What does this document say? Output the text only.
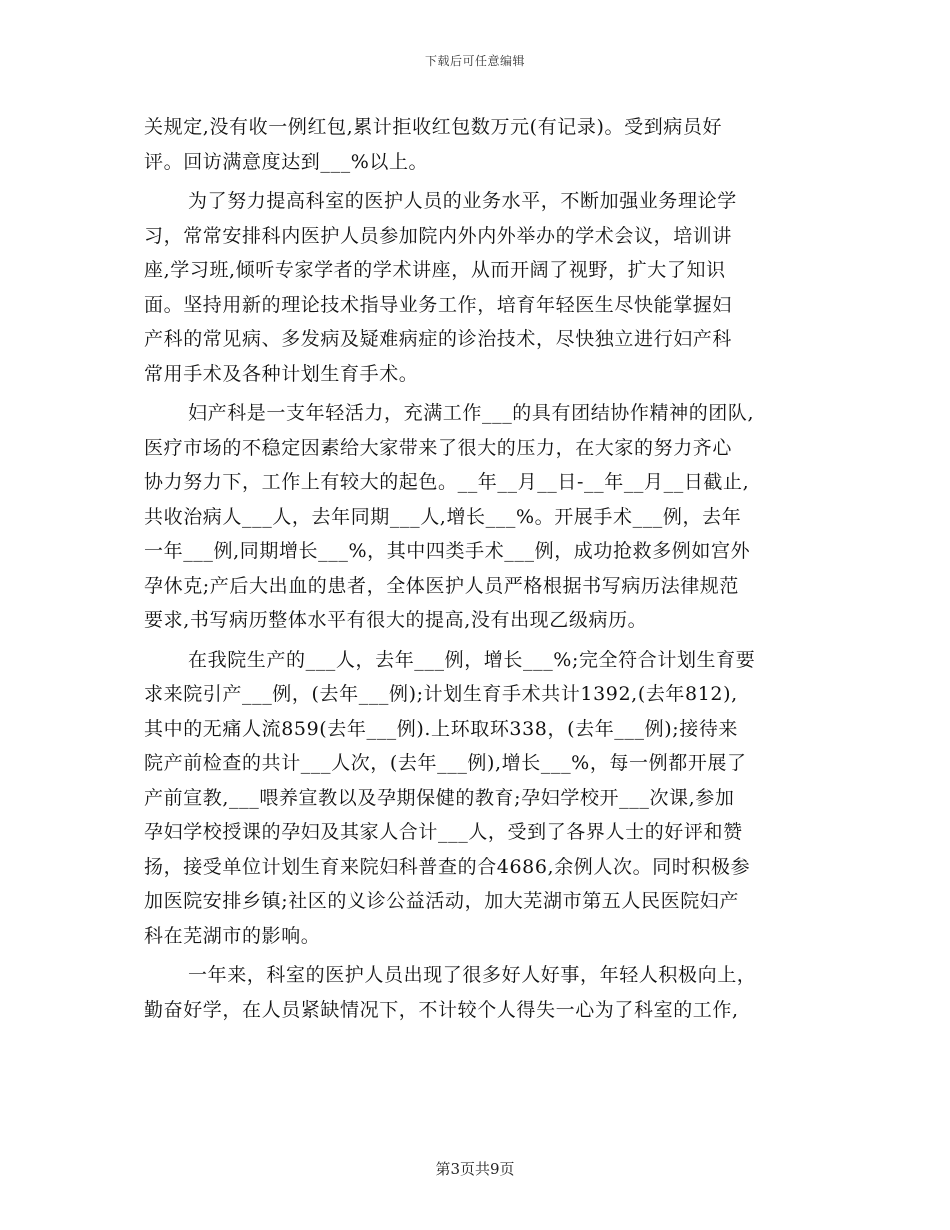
下载后可任意编辑
关规定,没有收一例红包,累计拒收红包数万元(有记录)。受到病员好
评。回访满意度达到___%以上。
为了努力提高科室的医护人员的业务水平，不断加强业务理论学
习，常常安排科内医护人员参加院内外内外举办的学术会议，培训讲
座,学习班,倾听专家学者的学术讲座，从而开阔了视野，扩大了知识
面。坚持用新的理论技术指导业务工作，培育年轻医生尽快能掌握妇
产科的常见病、多发病及疑难病症的诊治技术，尽快独立进行妇产科
常用手术及各种计划生育手术。
妇产科是一支年轻活力，充满工作___的具有团结协作精神的团队,
医疗市场的不稳定因素给大家带来了很大的压力，在大家的努力齐心
协力努力下，工作上有较大的起色。__年__月__日-__年__月__日截止,
共收治病人___人，去年同期___人,增长___%。开展手术___例，去年
一年___例,同期增长___%，其中四类手术___例，成功抢救多例如宫外
孕休克;产后大出血的患者，全体医护人员严格根据书写病历法律规范
要求,书写病历整体水平有很大的提高,没有出现乙级病历。
在我院生产的___人，去年___例，增长___%;完全符合计划生育要
求来院引产___例，(去年___例);计划生育手术共计1392,(去年812),
其中的无痛人流859(去年___例).上环取环338，(去年___例);接待来
院产前检查的共计___人次，(去年___例),增长___%，每一例都开展了
产前宣教,___喂养宣教以及孕期保健的教育;孕妇学校开___次课,参加
孕妇学校授课的孕妇及其家人合计___人，受到了各界人士的好评和赞
扬，接受单位计划生育来院妇科普查的合4686,余例人次。同时积极参
加医院安排乡镇;社区的义诊公益活动，加大芜湖市第五人民医院妇产
科在芜湖市的影响。
一年来，科室的医护人员出现了很多好人好事，年轻人积极向上，
勤奋好学，在人员紧缺情况下，不计较个人得失一心为了科室的工作,
第3页共9页
